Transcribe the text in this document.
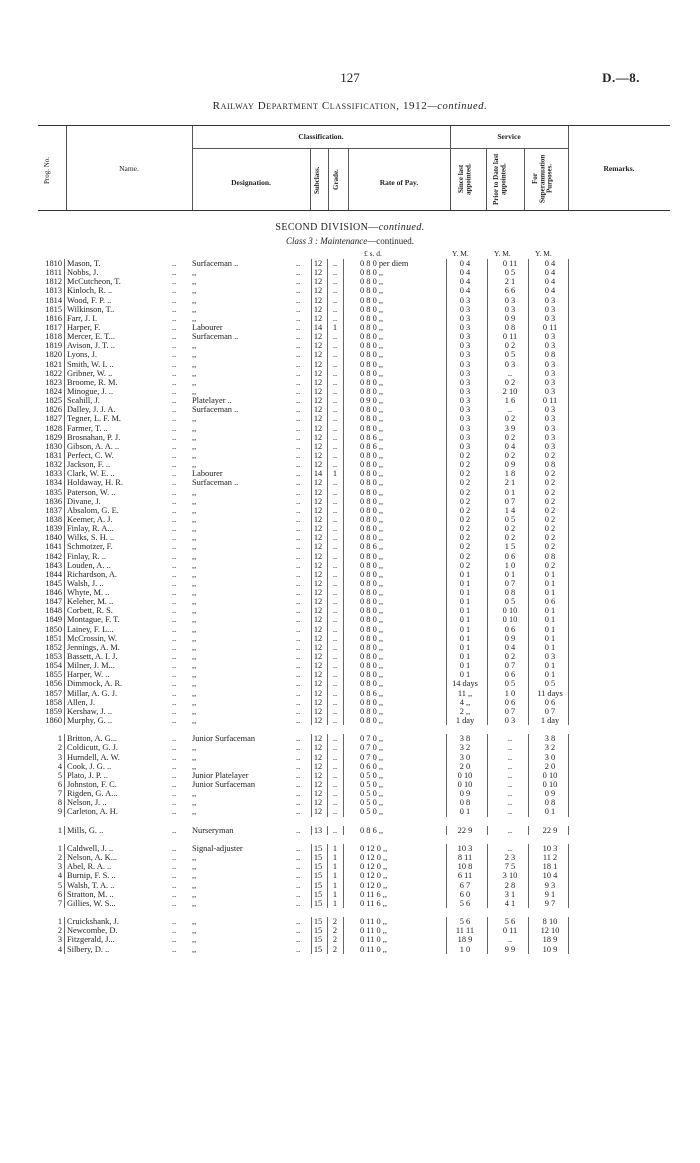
127	D.—8.
Railway Department Classification, 1912—continued.
Prog. No.	Name.
Classification.	Service
Designation.	Subclass. Grade.	Rate of Pay.	Since last appointed.	Prior to Date last appointed.	For Superannuation Purposes.	Remarks.
SECOND DIVISION—continued.
Class 3 : Maintenance—continued.
£ s. d.	Y. M.	Y. M.	Y. M.
1810 Mason, T.	..	Surfaceman ..	..	12	..	0 8 0 per diem	0 4	0 11	0 4
1811 Nobbs, J.	..	,,	..	12	..	0 8 0 ,,	0 4	0 5	0 4
1812 McCutcheon, T.	..	,,	..	12	..	0 8 0 ,,	0 4	2 1	0 4
1813 Kinloch, R. ..	..	,,	..	12	..	0 8 0 ,,	0 4	6 6	0 4
1814 Wood, F. P. ..	..	,,	..	12	..	0 8 0 ,,	0 3	0 3	0 3
1815 Wilkinson, T..	..	,,	..	12	..	0 8 0 ,,	0 3	0 3	0 3
1816 Farr, J. I.	..	,,	..	12	..	0 8 0 ,,	0 3	0 9	0 3
1817 Harper, F.	..	Labourer	..	14	1	0 8 0 ,,	0 3	0 8	0 11
1818 Mercer, E. T...	..	Surfaceman ..	..	12	..	0 8 0 ,,	0 3	0 11	0 3
1819 Avison, J. T. ..	..	,,	..	12	..	0 8 0 ,,	0 3	0 2	0 3
1820 Lyons, J.	..	,,	..	12	..	0 8 0 ,,	0 3	0 5	0 8
1821 Smith, W. I. ..	..	,,	..	12	..	0 8 0 ,,	0 3	0 3	0 3
1822 Gribner, W. ..	..	,,	..	12	..	0 8 0 ,,	0 3	..	0 3
1823 Broome, R. M.	..	,,	..	12	..	0 8 0 ,,	0 3	0 2	0 3
1824 Minogue, J. ..	..	,,	..	12	..	0 8 0 ,,	0 3	2 10	0 3
1825 Scahill, J.	..	Platelayer ..	..	12	..	0 9 0 ,,	0 3	1 6	0 11
1826 Dalley, J. J. A.	..	Surfaceman ..	..	12	..	0 8 0 ,,	0 3	..	0 3
1827 Tegner, L. F. M.	..	,,	..	12	..	0 8 0 ,,	0 3	0 2	0 3
1828 Farmer, T. ..	..	,,	..	12	..	0 8 0 ,,	0 3	3 9	0 3
1829 Brosnahan, P. J.	..	,,	..	12	..	0 8 6 ,,	0 3	0 2	0 3
1830 Gibson, A. A. ..	..	,,	..	12	..	0 8 6 ,,	0 3	0 4	0 3
1831 Perfect, C. W.	..	,,	..	12	..	0 8 0 ,,	0 2	0 2	0 2
1832 Jackson, F. ..	..	,,	..	12	..	0 8 0 ,,	0 2	0 9	0 8
1833 Clark, W. E. ..	..	Labourer	..	14	1	0 8 0 ,,	0 2	1 8	0 2
1834 Holdaway, H. R.	..	Surfaceman ..	..	12	..	0 8 0 ,,	0 2	2 1	0 2
1835 Paterson, W. ..	..	,,	..	12	..	0 8 0 ,,	0 2	0 1	0 2
1836 Divane, J.	..	,,	..	12	..	0 8 0 ,,	0 2	0 7	0 2
1837 Absalom, G. E.	..	,,	..	12	..	0 8 0 ,,	0 2	1 4	0 2
1838 Keemer, A. J.	..	,,	..	12	..	0 8 0 ,,	0 2	0 5	0 2
1839 Finlay, R. A...	..	,,	..	12	..	0 8 0 ,,	0 2	0 2	0 2
1840 Wilks, S. H. ..	..	,,	..	12	..	0 8 0 ,,	0 2	0 2	0 2
1841 Schmotzer, F.	..	,,	..	12	..	0 8 6 ,,	0 2	1 5	0 2
1842 Finlay, R. ..	..	,,	..	12	..	0 8 0 ,,	0 2	0 6	0 8
1843 Louden, A. ..	..	,,	..	12	..	0 8 0 ,,	0 2	1 0	0 2
1844 Richardson, A.	..	,,	..	12	..	0 8 0 ,,	0 1	0 1	0 1
1845 Walsh, J. ..	..	,,	..	12	..	0 8 0 ,,	0 1	0 7	0 1
1846 Whyte, M. ..	..	,,	..	12	..	0 8 0 ,,	0 1	0 8	0 1
1847 Keleher, M. ..	..	,,	..	12	..	0 8 0 ,,	0 1	0 5	0 6
1848 Corbett, R. S.	..	,,	..	12	..	0 8 0 ,,	0 1	0 10	0 1
1849 Montague, F. T.	..	,,	..	12	..	0 8 0 ,,	0 1	0 10	0 1
1850 Lainey, F. L...	..	,,	..	12	..	0 8 0 ,,	0 1	0 6	0 1
1851 McCrossin, W.	..	,,	..	12	..	0 8 0 ,,	0 1	0 9	0 1
1852 Jennings, A. M.	..	,,	..	12	..	0 8 0 ,,	0 1	0 4	0 1
1853 Bassett, A. I. J.	..	,,	..	12	..	0 8 0 ,,	0 1	0 2	0 3
1854 Milner, J. M...	..	,,	..	12	..	0 8 0 ,,	0 1	0 7	0 1
1855 Harper, W. ..	..	,,	..	12	..	0 8 0 ,,	0 1	0 6	0 1
1856 Dimmock, A. R.	..	,,	..	12	..	0 8 0 ,,	14 days	0 5	0 5
1857 Millar, A. G. J.	..	,,	..	12	..	0 8 6 ,,	11 ,,	1 0	11 days
1858 Allen, J.	..	,,	..	12	..	0 8 0 ,,	4 ,,	0 6	0 6
1859 Kershaw, J. ..	..	,,	..	12	..	0 8 0 ,,	2 ,,	0 7	0 7
1860 Murphy, G. ..	..	,,	..	12	..	0 8 0 ,,	1 day	0 3	1 day
1 Britton, A. G...	..	Junior Surfaceman	..	12	..	0 7 0 ,,	3 8	..	3 8
2 Coldicutt, G. J.	..	,,	..	12	..	0 7 0 ,,	3 2	..	3 2
3 Hurndell, A. W.	..	,,	..	12	..	0 7 0 ,,	3 0	..	3 0
4 Cook, J. G. ..	..	,,	..	12	..	0 6 0 ,,	2 0	..	2 0
5 Plato, J. P. ..	..	Junior Platelayer	..	12	..	0 5 0 ,,	0 10	..	0 10
6 Johnston, F. C.	..	Junior Surfaceman	..	12	..	0 5 0 ,,	0 10	..	0 10
7 Rigden, G. A...	..	,,	..	12	..	0 5 0 ,,	0 9	..	0 9
8 Nelson, J. ..	..	,,	..	12	..	0 5 0 ,,	0 8	..	0 8
9 Carleton, A. H.	..	,,	..	12	..	0 5 0 ,,	0 1	..	0 1
1 Mills, G. ..	..	Nurseryman	..	13	..	0 8 6 ,,	22 9	..	22 9
1 Caldwell, J. ..	..	Signal-adjuster	..	15	1	0 12 0 ,,	10 3	..	10 3
2 Nelson, A. K...	..	,,	..	15	1	0 12 0 ,,	8 11	2 3	11 2
3 Abel, R. A. ..	..	,,	..	15	1	0 12 0 ,,	10 8	7 5	18 1
4 Burnip, F. S. ..	..	,,	..	15	1	0 12 0 ,,	6 11	3 10	10 4
5 Walsh, T. A. ..	..	,,	..	15	1	0 12 0 ,,	6 7	2 8	9 3
6 Stratton, M. ..	..	,,	..	15	1	0 11 6 ,,	6 0	3 1	9 1
7 Gillies, W. S...	..	,,	..	15	1	0 11 6 ,,	5 6	4 1	9 7
1 Cruickshank, J.	..	,,	..	15	2	0 11 0 ,,	5 6	5 6	8 10
2 Newcombe, D.	..	,,	..	15	2	0 11 0 ,,	11 11	0 11	12 10
3 Fitzgerald, J...	..	,,	..	15	2	0 11 0 ,,	18 9	..	18 9
4 Silbery, D. ..	..	,,	..	15	2	0 11 0 ,,	1 0	9 9	10 9
